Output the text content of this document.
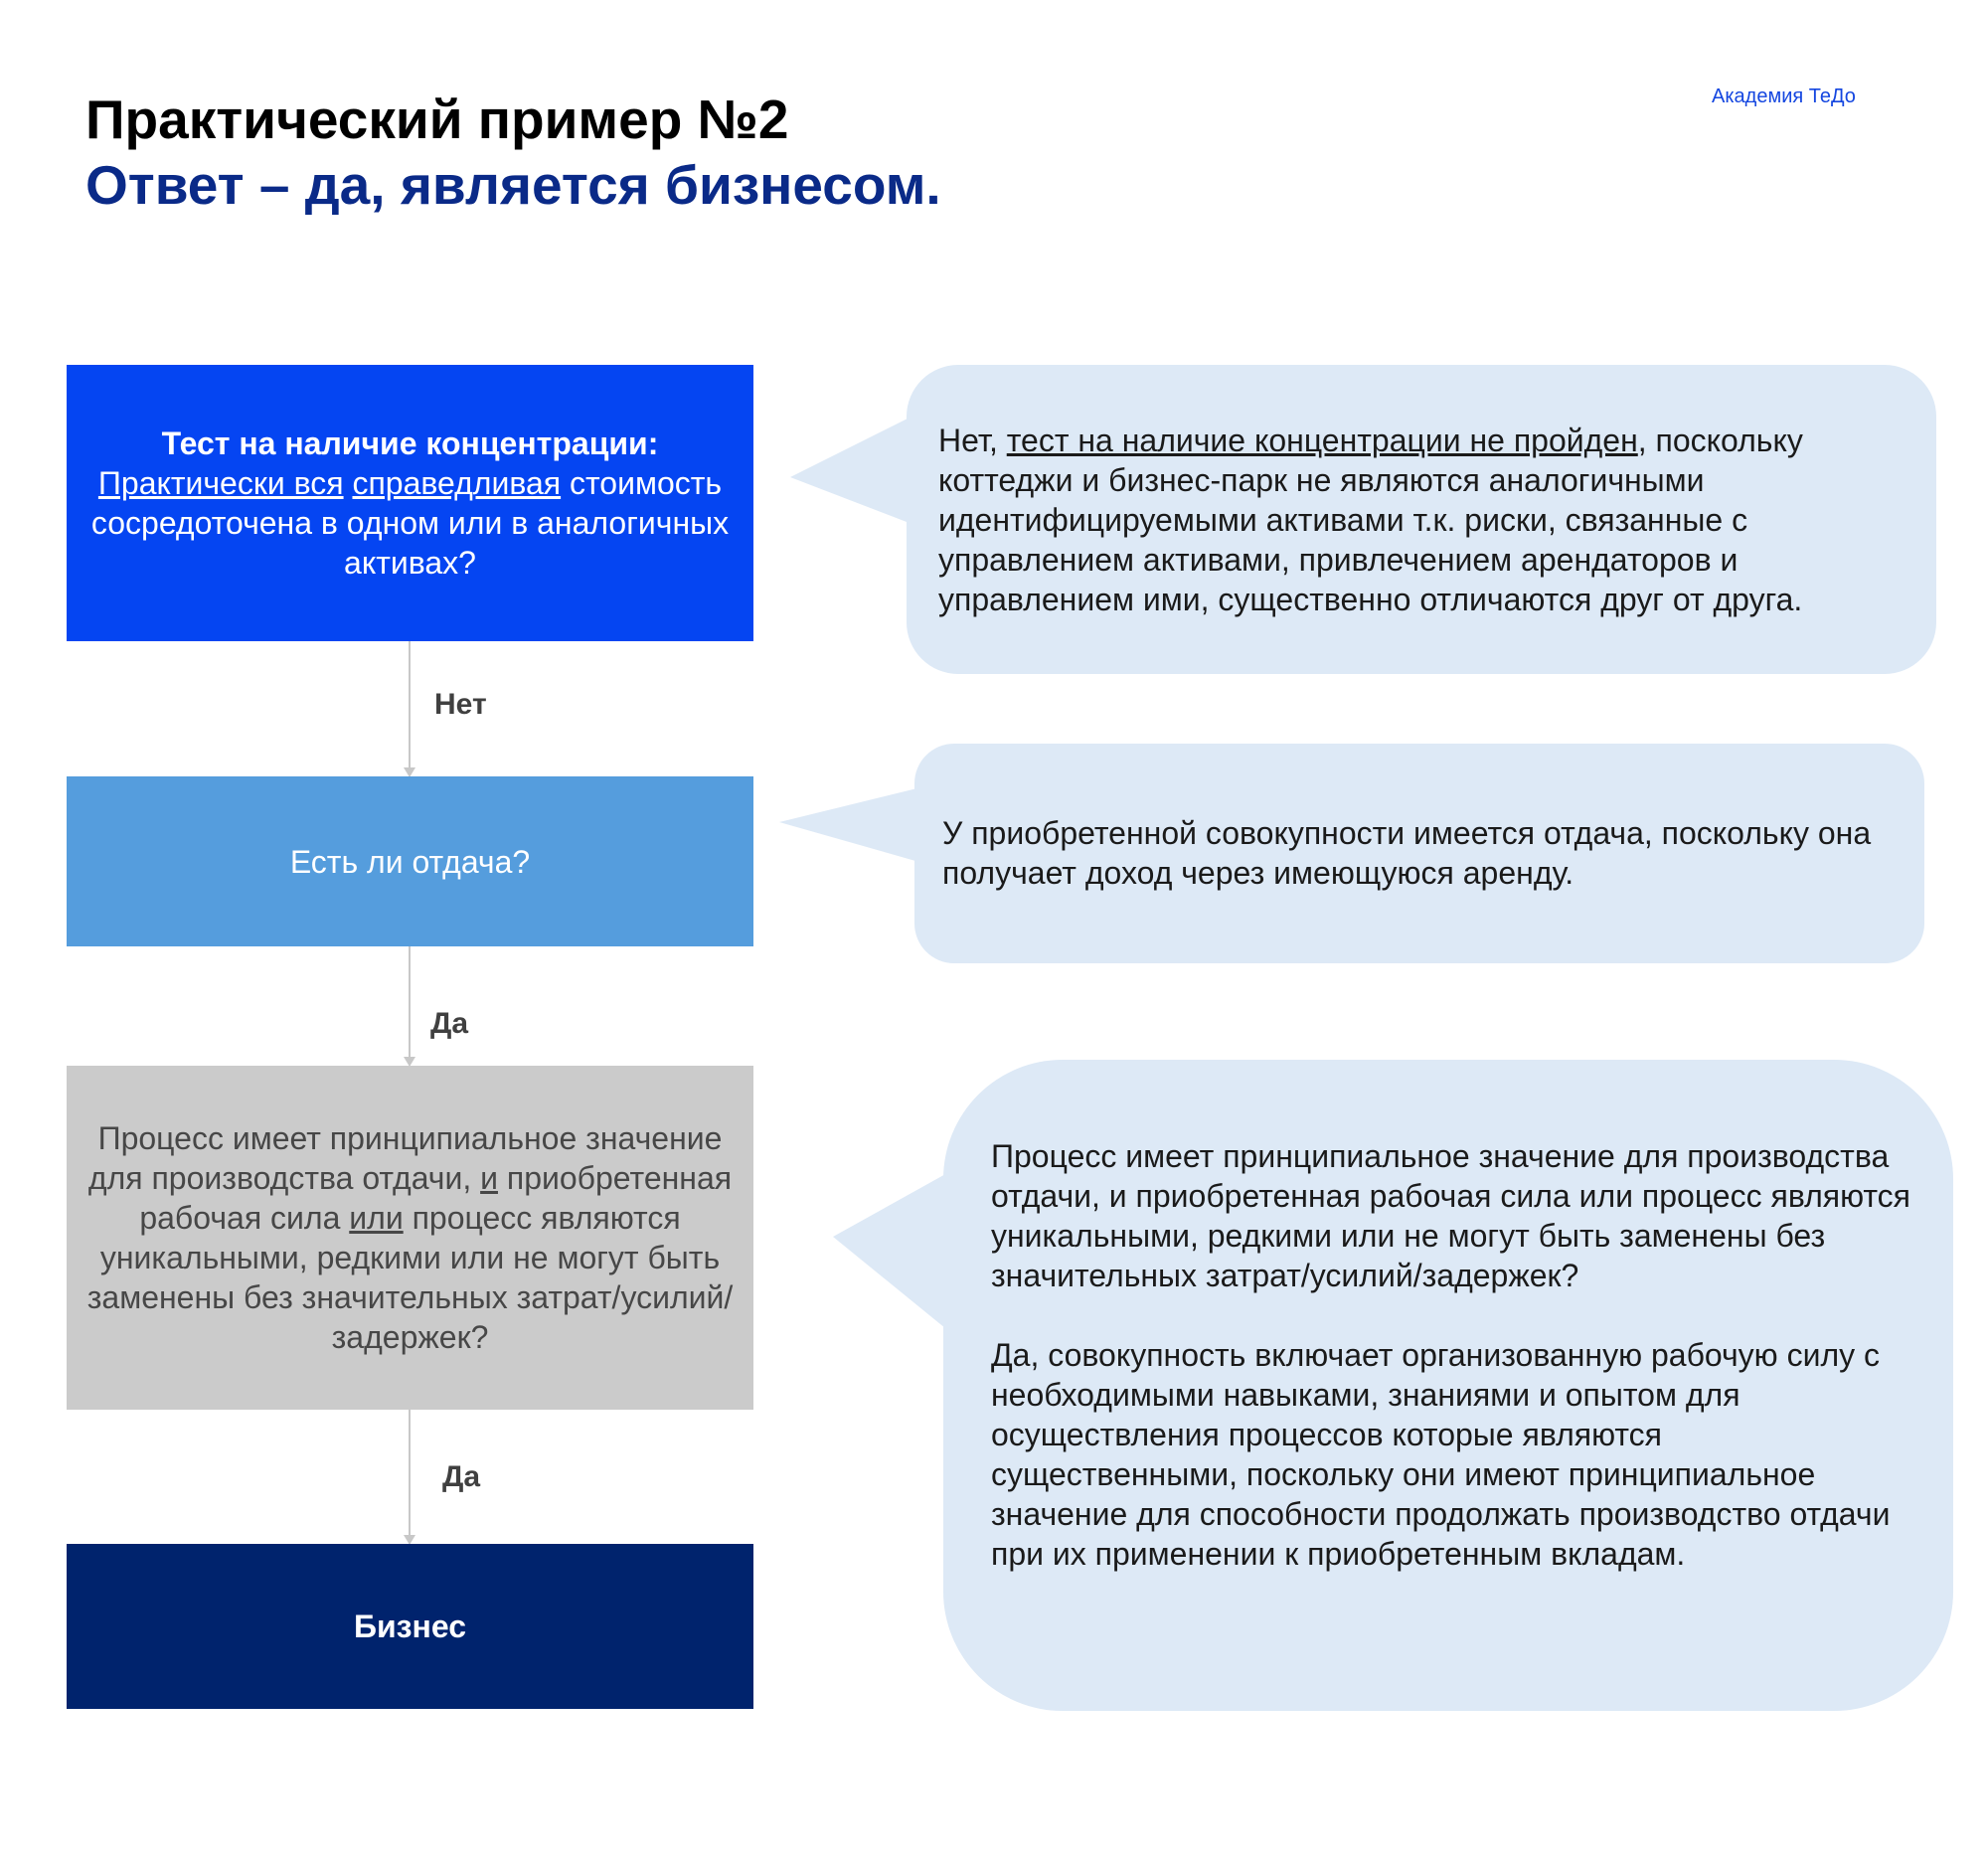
Академия ТеДо
Практический пример №2
Ответ – да, является бизнесом.
Тест на наличие концентрации:
Практически вся справедливая стоимость сосредоточена в одном или в аналогичных активах?
Нет
Есть ли отдача?
Да
Процесс имеет принципиальное значение для производства отдачи, и приобретенная рабочая сила или процесс являются уникальными, редкими или не могут быть заменены без значительных затрат/усилий/задержек?
Да
Бизнес
Нет, тест на наличие концентрации не пройден, поскольку коттеджи и бизнес-парк не являются аналогичными идентифицируемыми активами т.к. риски, связанные с управлением активами, привлечением арендаторов и управлением ими, существенно отличаются друг от друга.
У приобретенной совокупности имеется отдача, поскольку она получает доход через имеющуюся аренду.

Процесс имеет принципиальное значение для производства отдачи, и приобретенная рабочая сила или процесс являются уникальными, редкими или не могут быть заменены без значительных затрат/усилий/задержек?

Да, совокупность включает организованную рабочую силу с необходимыми навыками, знаниями и опытом для осуществления процессов которые являются существенными, поскольку они имеют принципиальное значение для способности продолжать производство отдачи при их применении к приобретенным вкладам.
